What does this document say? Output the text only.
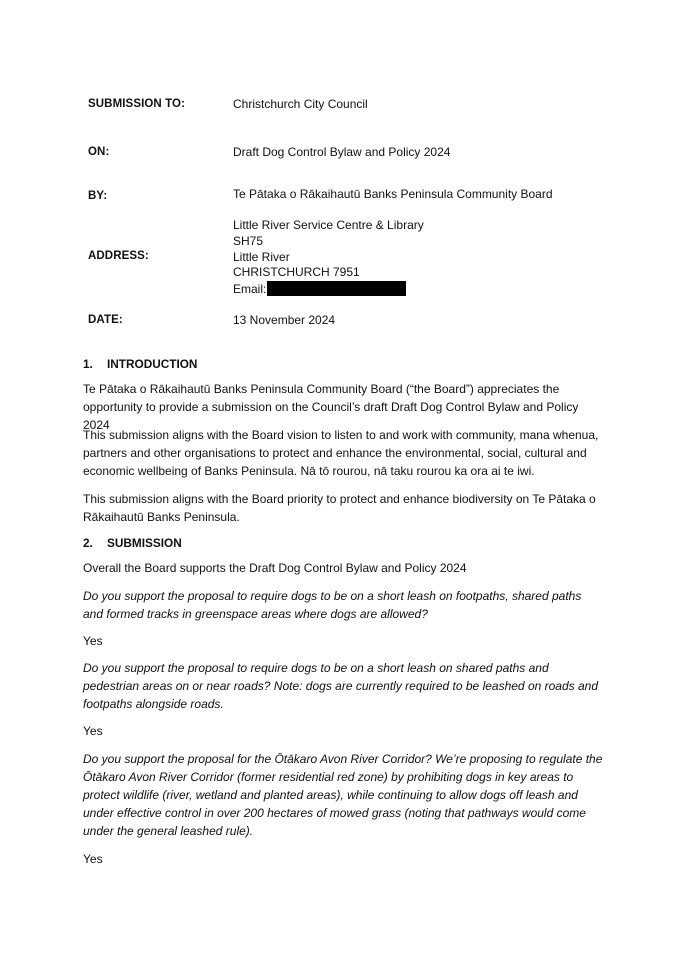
SUBMISSION TO:	Christchurch City Council
ON:	Draft Dog Control Bylaw and Policy 2024
BY:	Te Pātaka o Rākaihautū Banks Peninsula Community Board
ADDRESS:
Little River Service Centre & Library
SH75
Little River
CHRISTCHURCH 7951
Email:
DATE:	13 November 2024
1. INTRODUCTION

Te Pātaka o Rākaihautū Banks Peninsula Community Board (“the Board”) appreciates the opportunity to provide a submission on the Council’s draft Draft Dog Control Bylaw and Policy 2024

This submission aligns with the Board vision to listen to and work with community, mana whenua, partners and other organisations to protect and enhance the environmental, social, cultural and economic wellbeing of Banks Peninsula. Nā tō rourou, nā taku rourou ka ora ai te iwi.

This submission aligns with the Board priority to protect and enhance biodiversity on Te Pātaka o Rākaihautū Banks Peninsula.

2. SUBMISSION

Overall the Board supports the Draft Dog Control Bylaw and Policy 2024

Do you support the proposal to require dogs to be on a short leash on footpaths, shared paths and formed tracks in greenspace areas where dogs are allowed?

Yes

Do you support the proposal to require dogs to be on a short leash on shared paths and pedestrian areas on or near roads? Note: dogs are currently required to be leashed on roads and footpaths alongside roads.

Yes

Do you support the proposal for the Ōtākaro Avon River Corridor? We’re proposing to regulate the Ōtākaro Avon River Corridor (former residential red zone) by prohibiting dogs in key areas to protect wildlife (river, wetland and planted areas), while continuing to allow dogs off leash and under effective control in over 200 hectares of mowed grass (noting that pathways would come under the general leashed rule).

Yes
